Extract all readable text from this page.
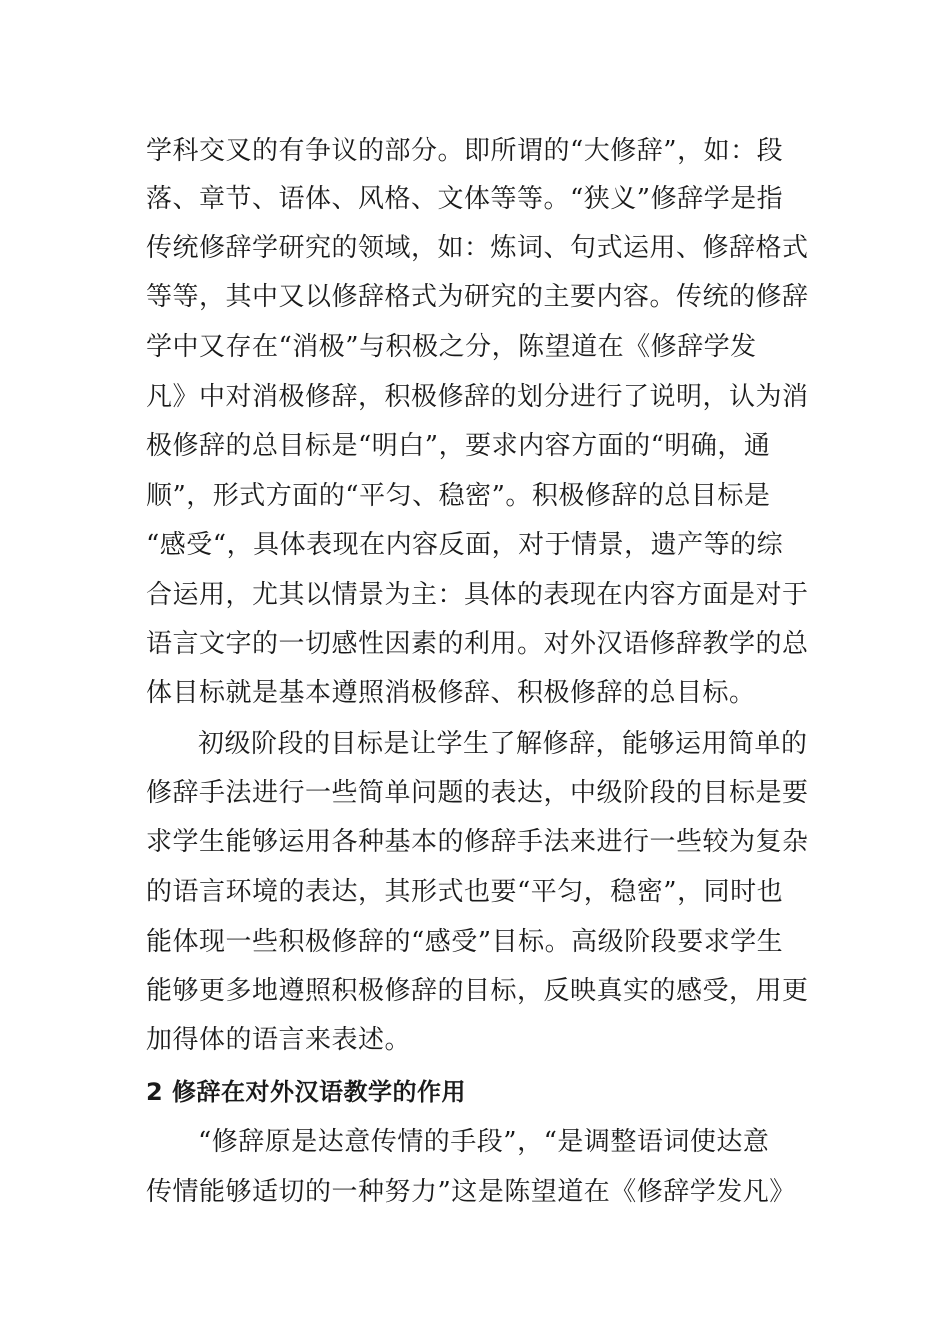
学科交叉的有争议的部分。即所谓的“大修辞”，如：段
落、章节、语体、风格、文体等等。“狭义”修辞学是指
传统修辞学研究的领域，如：炼词、句式运用、修辞格式
等等，其中又以修辞格式为研究的主要内容。传统的修辞
学中又存在“消极”与积极之分，陈望道在《修辞学发
凡》中对消极修辞，积极修辞的划分进行了说明，认为消
极修辞的总目标是“明白”，要求内容方面的“明确，通
顺”，形式方面的“平匀、稳密”。积极修辞的总目标是
“感受“，具体表现在内容反面，对于情景，遗产等的综
合运用，尤其以情景为主：具体的表现在内容方面是对于
语言文字的一切感性因素的利用。对外汉语修辞教学的总
体目标就是基本遵照消极修辞、积极修辞的总目标。
初级阶段的目标是让学生了解修辞，能够运用简单的
修辞手法进行一些简单问题的表达，中级阶段的目标是要
求学生能够运用各种基本的修辞手法来进行一些较为复杂
的语言环境的表达，其形式也要“平匀，稳密”，同时也
能体现一些积极修辞的“感受”目标。高级阶段要求学生
能够更多地遵照积极修辞的目标，反映真实的感受，用更
加得体的语言来表述。
2 修辞在对外汉语教学的作用
“修辞原是达意传情的手段”，“是调整语词使达意
传情能够适切的一种努力”这是陈望道在《修辞学发凡》
